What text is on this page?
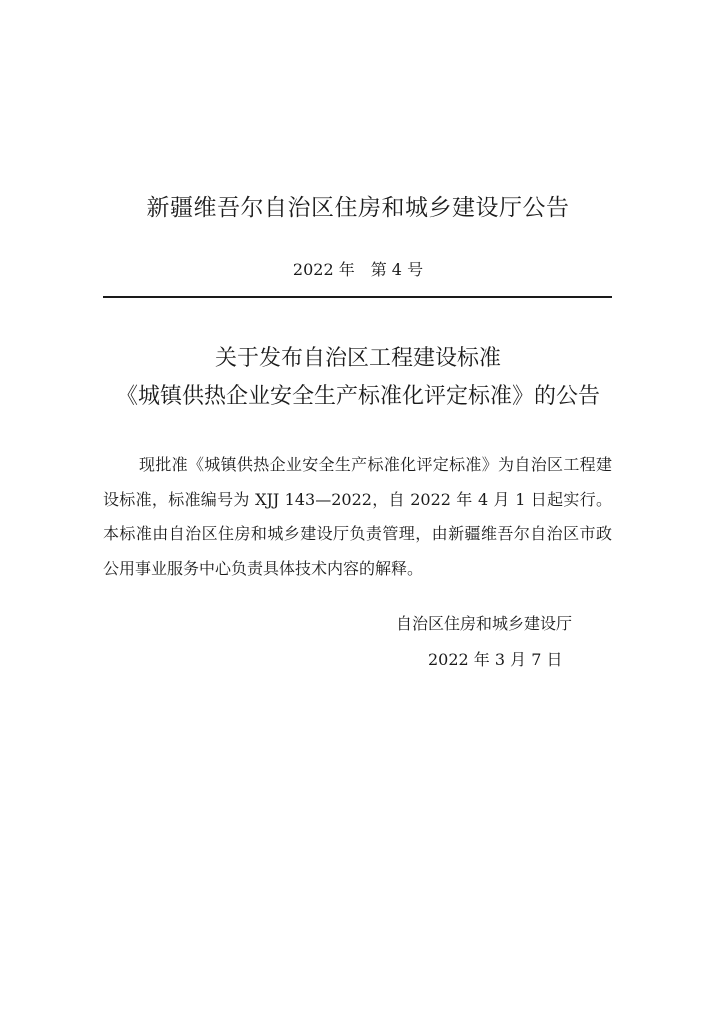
新疆维吾尔自治区住房和城乡建设厅公告
2022 年　第 4 号
关于发布自治区工程建设标准
《城镇供热企业安全生产标准化评定标准》的公告
现批准《城镇供热企业安全生产标准化评定标准》为自治区工程建设标准，标准编号为 XJJ 143—2022，自 2022 年 4 月 1 日起实行。本标准由自治区住房和城乡建设厅负责管理，由新疆维吾尔自治区市政公用事业服务中心负责具体技术内容的解释。
自治区住房和城乡建设厅
2022 年 3 月 7 日
